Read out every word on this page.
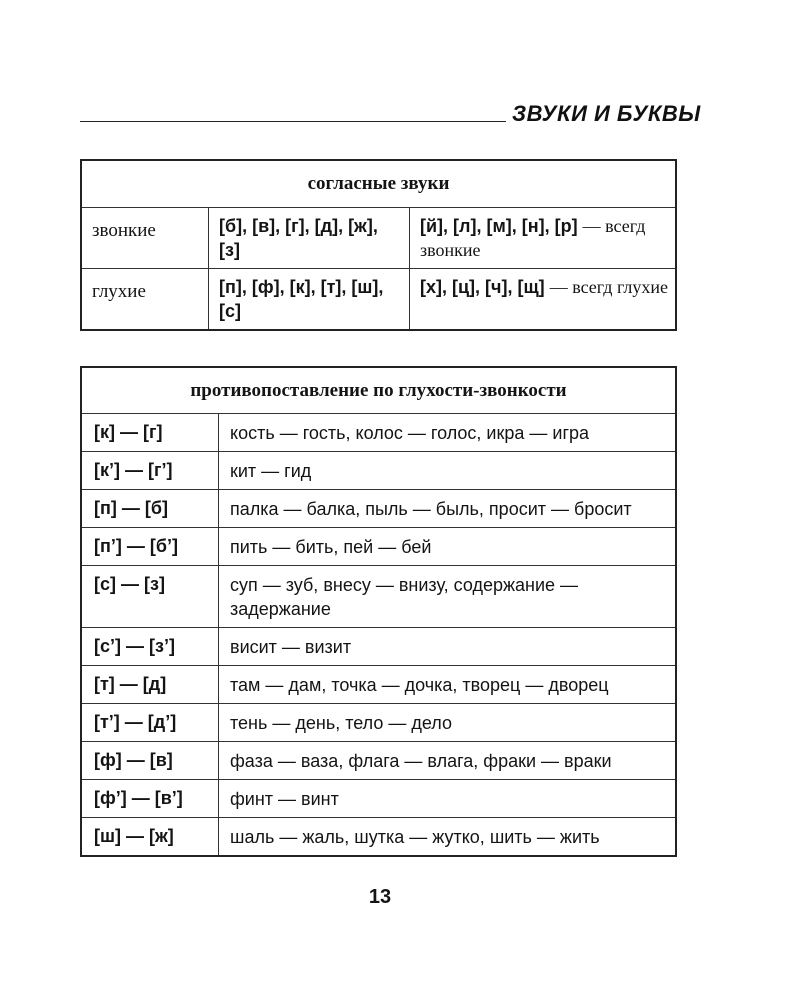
ЗВУКИ И БУКВЫ
согласные звуки		
звонкие	[б], [в], [г], [д], [ж], [з]	[й], [л], [м], [н], [р] — всегд звонкие
глухие	[п], [ф], [к], [т], [ш], [с]	[х], [ц], [ч], [щ] — всегд глухие
противопоставление по глухости-звонкости	
[к] — [г]	кость — гость, колос — голос, икра — игра
[к’] — [г’]	кит — гид
[п] — [б]	палка — балка, пыль — быль, просит — бросит
[п’] — [б’]	пить — бить, пей — бей
[с] — [з]	суп — зуб, внесу — внизу, содержание — задержание
[с’] — [з’]	висит — визит
[т] — [д]	там — дам, точка — дочка, творец — дворец
[т’] — [д’]	тень — день, тело — дело
[ф] — [в]	фаза — ваза, флага — влага, фраки — враки
[ф’] — [в’]	финт — винт
[ш] — [ж]	шаль — жаль, шутка — жутко, шить — жить
13
